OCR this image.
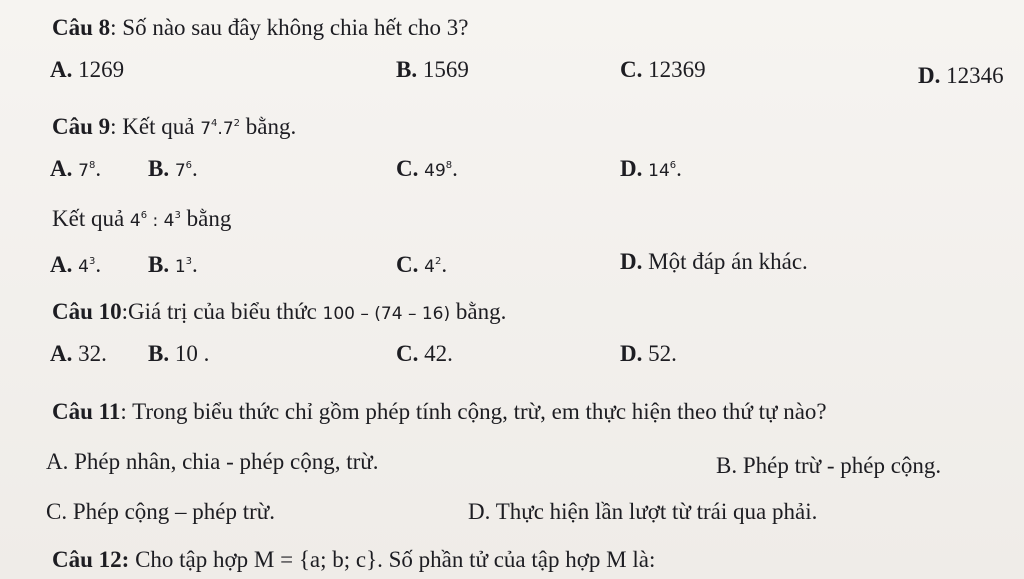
Câu 8: Số nào sau đây không chia hết cho 3?
A. 1269	B. 1569	C. 12369	D. 12346
Câu 9: Kết quả $7^4.7^2$ bằng.
A. $7^8$. B. $7^6$.	C. $49^8$.	D. $14^6$.
Kết quả $4^6$ : $4^3$ bằng
A. $4^3$. B. $1^3$.	C. $4^2$.	D. Một đáp án khác.
Câu 10:Giá trị của biểu thức 100 – (74 – 16) bằng.
A. 32. B. 10 .	C. 42.	D. 52.
Câu 11: Trong biểu thức chỉ gồm phép tính cộng, trừ, em thực hiện theo thứ tự nào?
A. Phép nhân, chia - phép cộng, trừ.	B. Phép trừ - phép cộng.
C. Phép cộng – phép trừ.	D. Thực hiện lần lượt từ trái qua phải.
Câu 12: Cho tập hợp M = {a; b; c}. Số phần tử của tập hợp M là:
